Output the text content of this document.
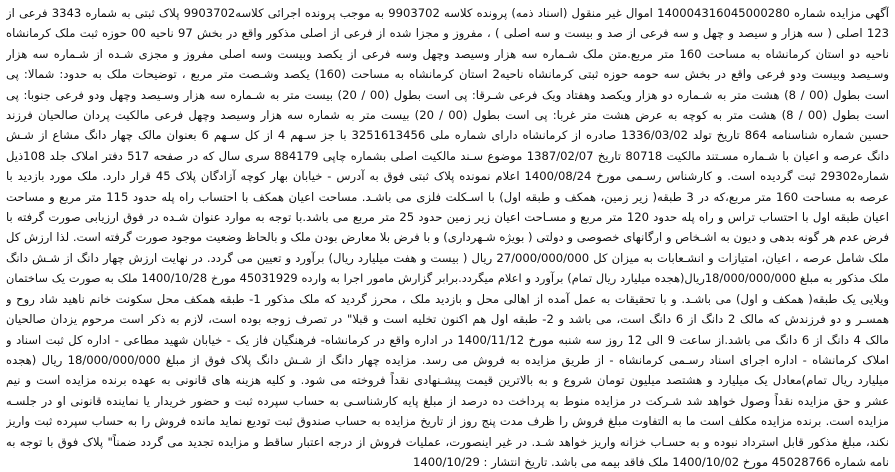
آگهی مزایده شماره 140004316045000280 اموال غیر منقول (اسناد ذمه) پرونده کلاسه 9903702 به موجب پرونده اجرائی کلاسه9903702 پلاک ثبتی به شماره 3343 فرعی از
123 اصلی ( سه هزار و سیصد و چهل و سه فرعی از صد و بیست و سه اصلی ) ، مفروز و مجزا شده از فرعی از اصلی مذکور واقع در بخش 97 ناحیه 00 حوزه ثبت ملک کرمانشاه
ناحیه دو استان کرمانشاه به مساحت 160 متر مربع.متن ملک شـماره سه هزار وسیصد وچهل وسه فرعی از یکصد وبیست وسه اصلی مفروز و مجزی شـده از شـماره سه هزار
وسـیصد وبیست ودو فرعی واقع در بخش سه حومه حوزه ثبتی کرمانشاه ناحیه2 استان کرمانشاه به مساحت (160) یکصد وشـصت متر مربع ، توضیحات ملک به حدود: شمالا: پی
است بطول (00 / 8) هشت متر به شـماره دو هزار ویکصد وهفتاد ویک فرعی شـرقا: پی است بطول (00 / 20) بیست متر به شـماره سه هزار وسـیصد وچهل ودو فرعی جنوبا: پی
است بطول (00 / 8) هشت متر به کوچه به عرض هشت متر غربا: پی است بطول (00 / 20) بیست متر به شماره سه هزار وسیصد وچهل فرعی مالکیت پردان صالحیان فرزند
حسین شماره شناسنامه 864 تاریخ تولد 1336/03/02 صادره از کرمانشاه دارای شماره ملی 3251613456 با جز سـهم 4 از کل سـهم 6 بعنوان مالک چهار دانگ مشاع از شـش
دانگ عرصه و اعیان با شـماره مسـتند مالکیت 80718 تاریخ 1387/02/07 موضوع سـند مالکیت اصلی بشماره چاپی 884179 سری سال که در صفحه 517 دفتر املاک جلد 108ذیل
شماره29302 ثبت گردیده است. و کارشناس رسـمی مورخ 1400/08/24 اعلام نمونده پلاک ثبتی فوق به آدرس - خیابان بهار کوچه آزادگان پلاک 45 قرار دارد. ملک مورد بازدید با
عرصه به مساحت 160 متر مربع،که در 3 طبقه( زیر زمین، همکف و طبقه اول) با اسـکلت فلزی می باشـد. مساحت اعیان همکف با احتساب راه پله حدود 115 متر مربع و مساحت
اعیان طبقه اول با احتساب تراس و راه پله حدود 120 متر مربع و مسـاحت اعیان زیر زمین حدود 25 متر مربع می باشد.با توجه به موارد عنوان شـده در فوق ارزیابی صورت گرفته با
فرض عدم هر گونه بدهی و دیون به اشـخاص و ارگانهای خصوصی و دولتی ( بویژه شـهرداری) و با فرض بلا معارض بودن ملک و بالحاظ وضعیت موجود صورت گرفته است. لذا ارزش کل
ملک شامل عرصه ، اعیان، امتیازات و انشـعابات به میزان کل 27/000/000/000 ریال ( بیست و هفت میلیارد ریال) برآورد و تعیین می گردد. در نهایت ارزش چهار دانگ از شـش دانگ
ملک مذکور به مبلغ 18/000/000/000ریال(هجده میلیارد ریال تمام) برآورد و اعلام میگردد.برابر گزارش مامور اجرا به وارده 45031929 مورخ 1400/10/28 ملک به صورت یک ساختمان
ویلایی یک طبقه( همکف و اول) می باشـد. و با تحقیقات به عمل آمده از اهالی محل و بازدید ملک ، محرز گردید که ملک مذکور 1- طبقه همکف محل سکونت خانم ناهید شاد روح و
همسـر و دو فرزندش که مالک 2 دانگ از 6 دانگ است، می باشد و 2- طبقه اول هم اکنون تخلیه است و قبلا" در تصرف زوجه بوده است، لازم به ذکر است مرحوم یزدان صالحیان
مالک 4 دانگ از 6 دانگ می باشد.از ساعت 9 الی 12 روز سه شنبه مورخ 1400/11/12 در اداره واقع در کرمانشاه- فرهنگیان فاز یک - خیابان شهید مطاعی - اداره کل ثبت اسناد و
املاک کرمانشاه - اداره اجرای اسناد رسـمی کرمانشاه - از طریق مزایده به فروش می رسد. مزایده چهار دانگ از شـش دانگ پلاک فوق از مبلغ 18/000/000/000 ریال (هجده
میلیارد ریال تمام)معادل یک میلیارد و هشتصد میلیون تومان شروع و به بالاترین قیمت پیشـنهادی نقداً فروخته می شود. و کلیه هزینه های قانونی به عهده برنده مزایده است و نیم
عشر و حق مزایده نقداً وصول خواهد شد شـرکت در مزایده منوط به پرداخت ده درصد از مبلغ پایه کارشناسـی به حساب سپرده ثبت و حضور خریدار یا نماینده قانونی او در جلسـه
مزایده است. برنده مزایده مکلف است ما به التفاوت مبلغ فروش را ظرف مدت پنج روز از تاریخ مزایده به حساب صندوق ثبت تودیع نماید مانده فروش را به حساب سپرده ثبت واریز
نکند، مبلغ مذکور قابل استرداد نبوده و به حسـاب خزانه واریز خواهد شـد. در غیر اینصورت، عملیات فروش از درجه اعتبار ساقط و مزایده تجدید می گردد ضمناً" پلاک فوق با توجه به
نامه شماره 45028766 مورخ 1400/10/02 ملک فاقد بیمه می باشد. تاریخ انتشار : 1400/10/29
